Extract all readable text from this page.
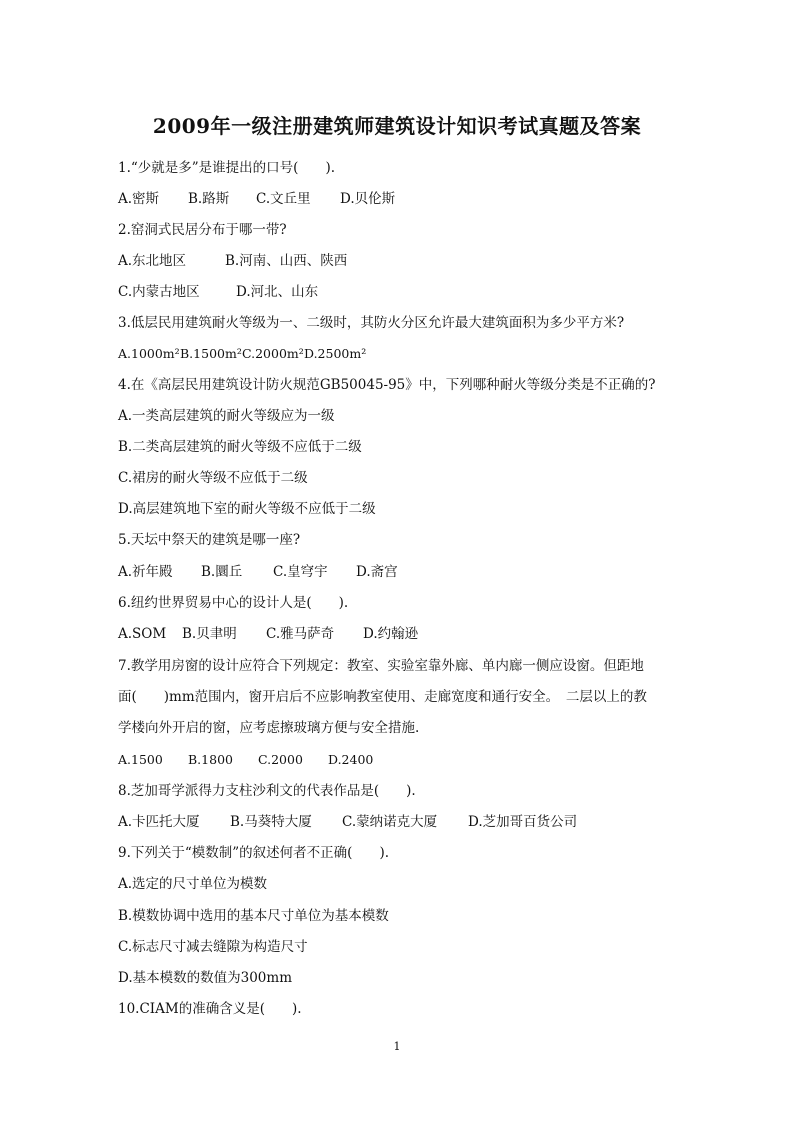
2009年一级注册建筑师建筑设计知识考试真题及答案
1.“少就是多”是谁提出的口号(　　).
A.密斯 B.路斯 C.文丘里 D.贝伦斯
2.窑洞式民居分布于哪一带?
A.东北地区	B.河南、山西、陕西
C.内蒙古地区	D.河北、山东
3.低层民用建筑耐火等级为一、二级时，其防火分区允许最大建筑面积为多少平方米?
A.1000m²B.1500m²C.2000m²D.2500m²
4.在《高层民用建筑设计防火规范GB50045-95》中，下列哪种耐火等级分类是不正确的?
A.一类高层建筑的耐火等级应为一级
B.二类高层建筑的耐火等级不应低于二级
C.裙房的耐火等级不应低于二级
D.高层建筑地下室的耐火等级不应低于二级
5.天坛中祭天的建筑是哪一座?
A.祈年殿 B.圜丘 C.皇穹宇 D.斋宫
6.纽约世界贸易中心的设计人是(　　).
A.SOM B.贝聿明 C.雅马萨奇 D.约翰逊
7.教学用房窗的设计应符合下列规定：教室、实验室靠外廊、单内廊一侧应设窗。但距地
面(　　)mm范围内，窗开启后不应影响教室使用、走廊宽度和通行安全。　二层以上的教
学楼向外开启的窗，应考虑擦玻璃方便与安全措施.
A.1500 B.1800 C.2000 D.2400
8.芝加哥学派得力支柱沙利文的代表作品是(　　).
A.卡匹托大厦 B.马葵特大厦 C.蒙纳诺克大厦 D.芝加哥百货公司
9.下列关于“模数制”的叙述何者不正确(　　).
A.选定的尺寸单位为模数
B.模数协调中选用的基本尺寸单位为基本模数
C.标志尺寸减去缝隙为构造尺寸
D.基本模数的数值为300mm
10.CIAM的准确含义是(　　).
1
